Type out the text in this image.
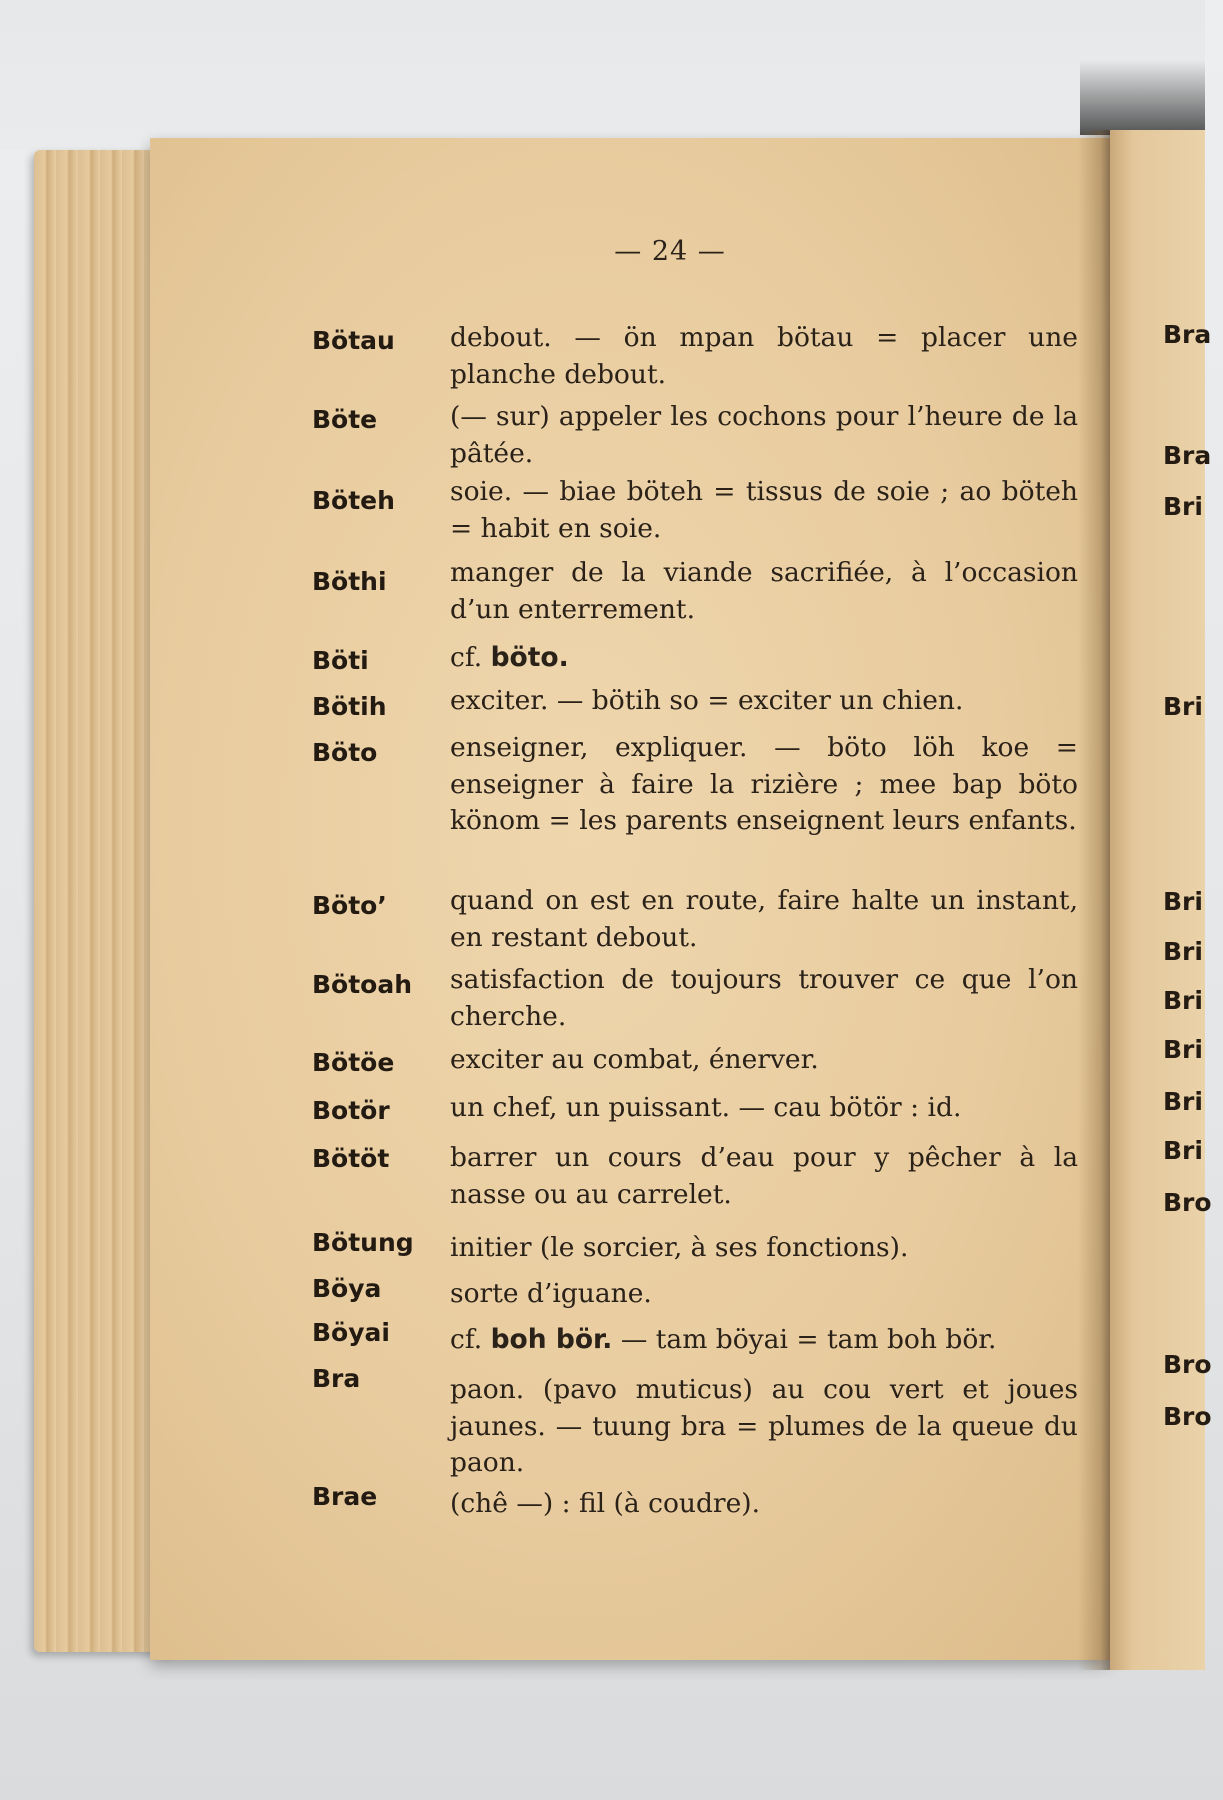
— 24 —
Bötau	debout. — ön mpan bötau = placer une planche debout.
Böte	(— sur) appeler les cochons pour l’heure de la pâtée.
Böteh	soie. — biae böteh = tissus de soie ; ao böteh = habit en soie.
Böthi	manger de la viande sacrifiée, à l’occasion d’un enterrement.
Böti	cf. böto.
Bötih	exciter. — bötih so = exciter un chien.
Böto	enseigner, expliquer. — böto löh koe = enseigner à faire la rizière ; mee bap böto könom = les parents enseignent leurs enfants.
Böto’	quand on est en route, faire halte un instant, en restant debout.
Bötoah	satisfaction de toujours trouver ce que l’on cherche.
Bötöe	exciter au combat, énerver.
Botör	un chef, un puissant. — cau bötör : id.
Bötöt	barrer un cours d’eau pour y pêcher à la nasse ou au carrelet.
Bötung	initier (le sorcier, à ses fonctions).
Böya	sorte d’iguane.
Böyai	cf. boh bör. — tam böyai = tam boh bör.
Bra	paon. (pavo muticus) au cou vert et joues jaunes. — tuung bra = plumes de la queue du paon.
Brae	(chê —) : fil (à coudre).
Bra
Bra
Bri
Bri
Bri
Bri
Bri
Bri
Bri
Bri
Bro
Bro
Bro
